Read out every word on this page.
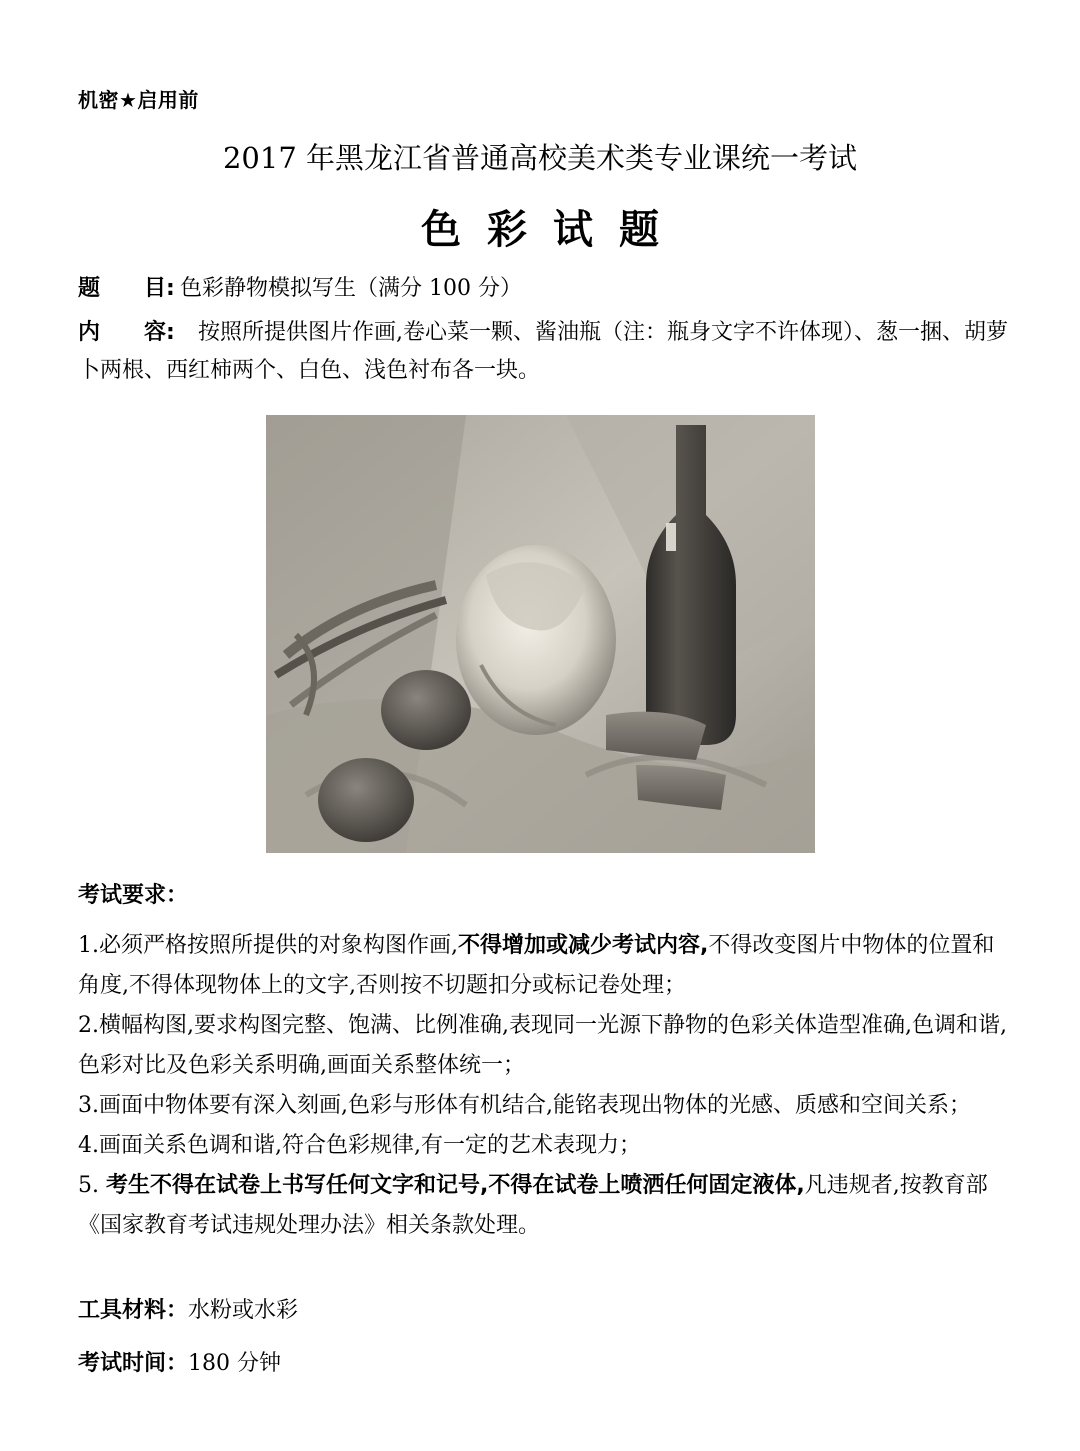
机密★启用前
2017 年黑龙江省普通高校美术类专业课统一考试
色彩试题
题　　目: 色彩静物模拟写生（满分 100 分）
内　　容: 按照所提供图片作画,卷心菜一颗、酱油瓶（注：瓶身文字不许体现）、葱一捆、胡萝卜两根、西红柿两个、白色、浅色衬布各一块。
考试要求：

1.必须严格按照所提供的对象构图作画,不得增加或减少考试内容,不得改变图片中物体的位置和角度,不得体现物体上的文字,否则按不切题扣分或标记卷处理；

2.横幅构图,要求构图完整、饱满、比例准确,表现同一光源下静物的色彩关体造型准确,色调和谐,色彩对比及色彩关系明确,画面关系整体统一；

3.画面中物体要有深入刻画,色彩与形体有机结合,能铭表现出物体的光感、质感和空间关系；

4.画面关系色调和谐,符合色彩规律,有一定的艺术表现力；

5. 考生不得在试卷上书写任何文字和记号,不得在试卷上喷洒任何固定液体,凡违规者,按教育部《国家教育考试违规处理办法》相关条款处理。

工具材料：水粉或水彩
考试时间：180 分钟
